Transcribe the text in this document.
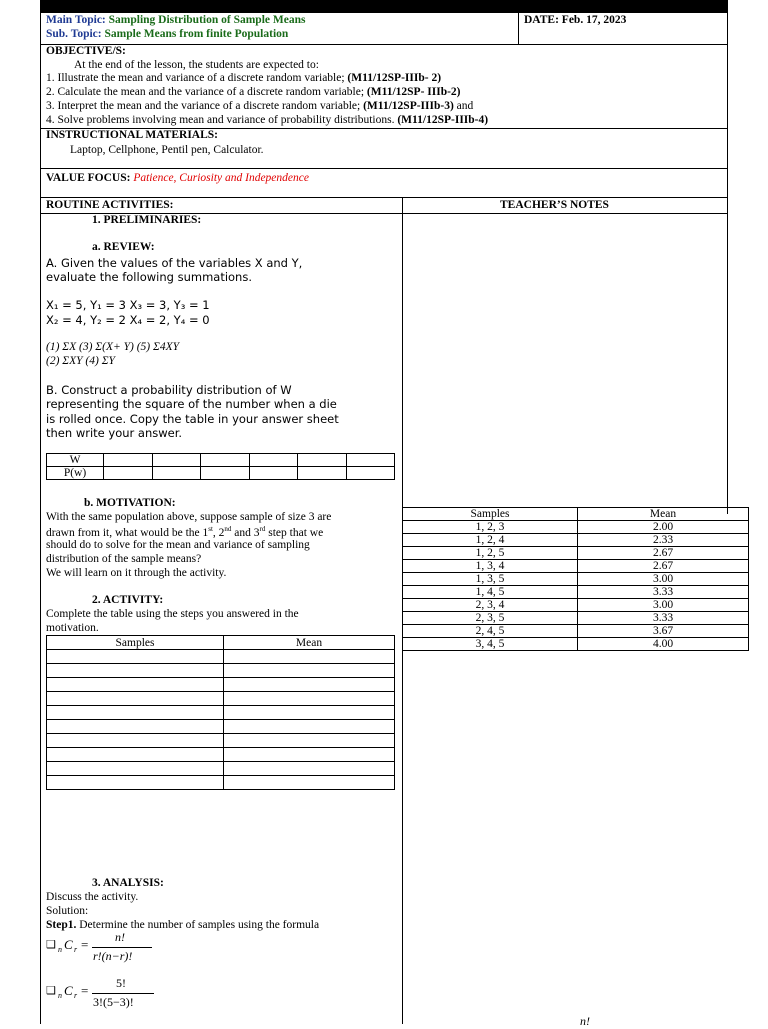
Main Topic: Sampling Distribution of Sample Means
Sub. Topic: Sample Means from finite Population
DATE: Feb. 17, 2023
OBJECTIVE/S:
At the end of the lesson, the students are expected to:
1. Illustrate the mean and variance of a discrete random variable; (M11/12SP-IIIb- 2)
2. Calculate the mean and the variance of a discrete random variable; (M11/12SP- IIIb-2)
3. Interpret the mean and the variance of a discrete random variable; (M11/12SP-IIIb-3) and
4. Solve problems involving mean and variance of probability distributions. (M11/12SP-IIIb-4)
INSTRUCTIONAL MATERIALS:
Laptop, Cellphone, Pentil pen, Calculator.
VALUE FOCUS: Patience, Curiosity and Independence
ROUTINE ACTIVITIES:	TEACHER’S NOTES
1. PRELIMINARIES:
a. REVIEW:
A. Given the values of the variables X and Y,
evaluate the following summations.
X₁ = 5, Y₁ = 3 X₃ = 3, Y₃ = 1
X₂ = 4, Y₂ = 2 X₄ = 2, Y₄ = 0
(1) ΣX (3) Σ(X+ Y) (5) Σ4XY
(2) ΣXY (4) ΣY
B. Construct a probability distribution of W
representing the square of the number when a die
is rolled once. Copy the table in your answer sheet
then write your answer.
W						
P(w)						
b. MOTIVATION:
With the same population above, suppose sample of size 3 are
drawn from it, what would be the 1st, 2nd and 3rd step that we
should do to solve for the mean and variance of sampling
distribution of the sample means?
We will learn on it through the activity.
2. ACTIVITY:
Complete the table using the steps you answered in the
motivation.
Samples	Mean

Samples	Mean
1, 2, 3	2.00
1, 2, 4	2.33
1, 2, 5	2.67
1, 3, 4	2.67
1, 3, 5	3.00
1, 4, 5	3.33
2, 3, 4	3.00
2, 3, 5	3.33
2, 4, 5	3.67
3, 4, 5	4.00
3. ANALYSIS:
Discuss the activity.
Solution:
Step1. Determine the number of samples using the formula
❑ n C r = n!
r!(n−r)!
❑ n C r = 5!
3!(5−3)!
n!
